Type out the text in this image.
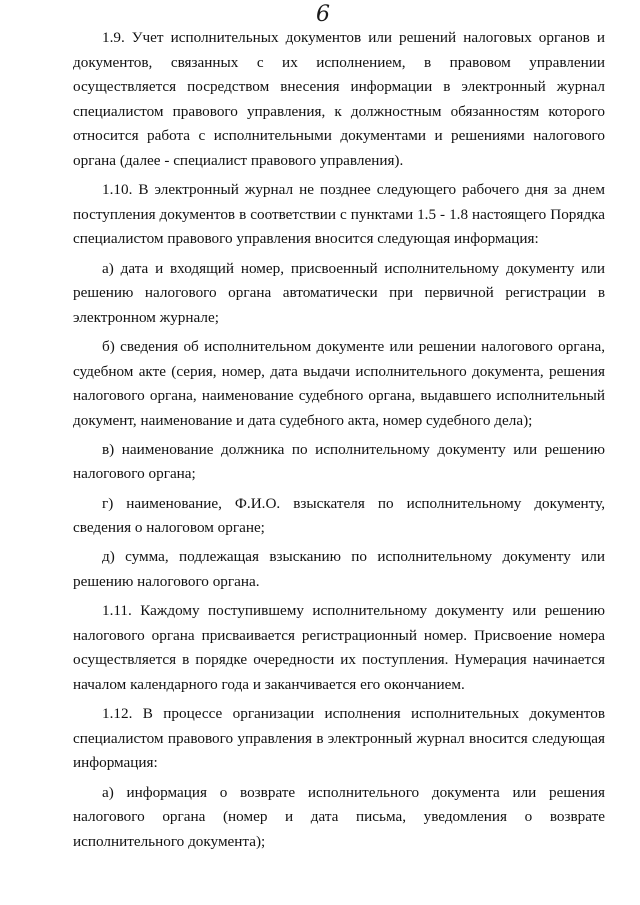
6

1.9. Учет исполнительных документов или решений налоговых органов и документов, связанных с их исполнением, в правовом управлении осуществляется посредством внесения информации в электронный журнал специалистом правового управления, к должностным обязанностям которого относится работа с исполнительными документами и решениями налогового органа (далее - специалист правового управления).

1.10. В электронный журнал не позднее следующего рабочего дня за днем поступления документов в соответствии с пунктами 1.5 - 1.8 настоящего Порядка специалистом правового управления вносится следующая информация:

а) дата и входящий номер, присвоенный исполнительному документу или решению налогового органа автоматически при первичной регистрации в электронном журнале;

б) сведения об исполнительном документе или решении налогового органа, судебном акте (серия, номер, дата выдачи исполнительного документа, решения налогового органа, наименование судебного органа, выдавшего исполнительный документ, наименование и дата судебного акта, номер судебного дела);

в) наименование должника по исполнительному документу или решению налогового органа;

г) наименование, Ф.И.О. взыскателя по исполнительному документу, сведения о налоговом органе;

д) сумма, подлежащая взысканию по исполнительному документу или решению налогового органа.

1.11. Каждому поступившему исполнительному документу или решению налогового органа присваивается регистрационный номер. Присвоение номера осуществляется в порядке очередности их поступления. Нумерация начинается началом календарного года и заканчивается его окончанием.

1.12. В процессе организации исполнения исполнительных документов специалистом правового управления в электронный журнал вносится следующая информация:

а) информация о возврате исполнительного документа или решения налогового органа (номер и дата письма, уведомления о возврате исполнительного документа);
